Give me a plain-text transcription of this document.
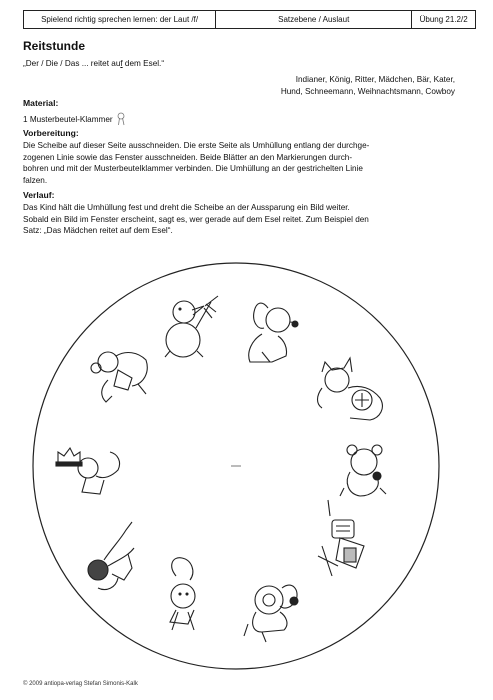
Spielend richtig sprechen lernen: der Laut /f/	Satzebene / Auslaut	Übung 21.2/2
Reitstunde
„Der / Die / Das ... reitet auf dem Esel.“
Indianer, König, Ritter, Mädchen, Bär, Kater,
Hund, Schneemann, Weihnachtsmann, Cowboy
Material:
1 Musterbeutel-Klammer
Vorbereitung:
Die Scheibe auf dieser Seite ausschneiden. Die erste Seite als Umhüllung entlang der durchge-
zogenen Linie sowie das Fenster ausschneiden. Beide Blätter an den Markierungen durch-
bohren und mit der Musterbeutelklammer verbinden. Die Umhüllung an der gestrichelten Linie
falzen.
Verlauf:
Das Kind hält die Umhüllung fest und dreht die Scheibe an der Aussparung ein Bild weiter.
Sobald ein Bild im Fenster erscheint, sagt es, wer gerade auf dem Esel reitet. Zum Beispiel den
Satz: „Das Mädchen reitet auf dem Esel“.
© 2009 antiopa-verlag Stefan Simonis-Kalk
